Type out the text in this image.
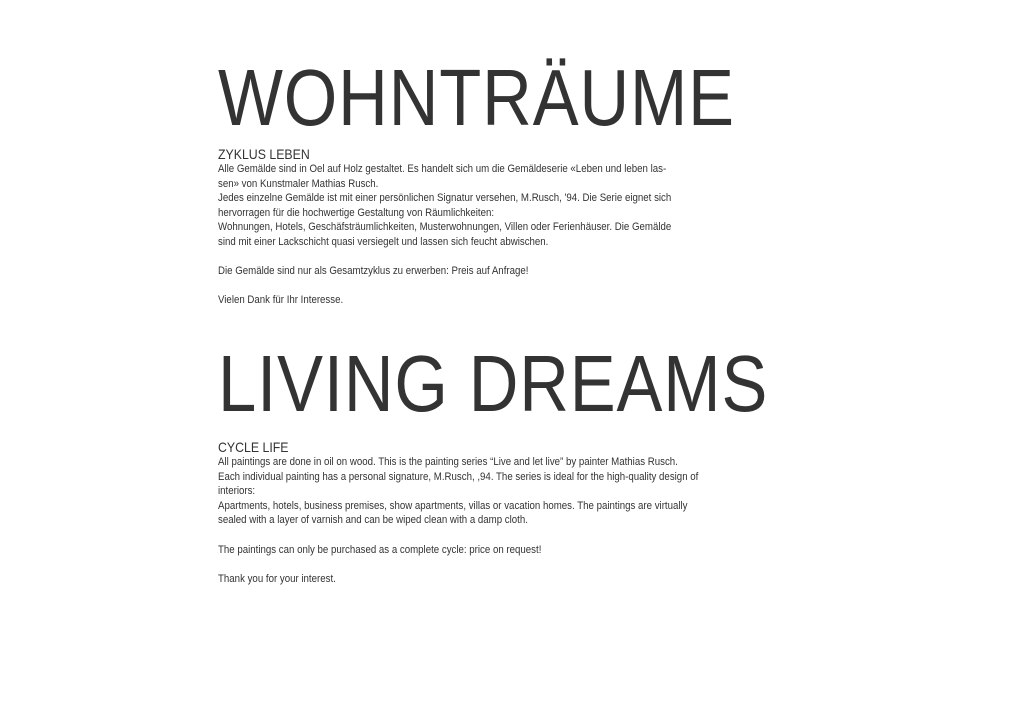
WOHNTRÄUME
ZYKLUS LEBEN
Alle Gemälde sind in Oel auf Holz gestaltet. Es handelt sich um die Gemäldeserie «Leben und leben las-
sen» von Kunstmaler Mathias Rusch.
Jedes einzelne Gemälde ist mit einer persönlichen Signatur versehen, M.Rusch, '94. Die Serie eignet sich
hervorragen für die hochwertige Gestaltung von Räumlichkeiten:
Wohnungen, Hotels, Geschäfsträumlichkeiten, Musterwohnungen, Villen oder Ferienhäuser. Die Gemälde
sind mit einer Lackschicht quasi versiegelt und lassen sich feucht abwischen.
Die Gemälde sind nur als Gesamtzyklus zu erwerben: Preis auf Anfrage!
Vielen Dank für Ihr Interesse.
LIVING DREAMS
CYCLE LIFE
All paintings are done in oil on wood. This is the painting series “Live and let live” by painter Mathias Rusch.
Each individual painting has a personal signature, M.Rusch, ,94. The series is ideal for the high-quality design of
interiors:
Apartments, hotels, business premises, show apartments, villas or vacation homes. The paintings are virtually
sealed with a layer of varnish and can be wiped clean with a damp cloth.
The paintings can only be purchased as a complete cycle: price on request!
Thank you for your interest.
